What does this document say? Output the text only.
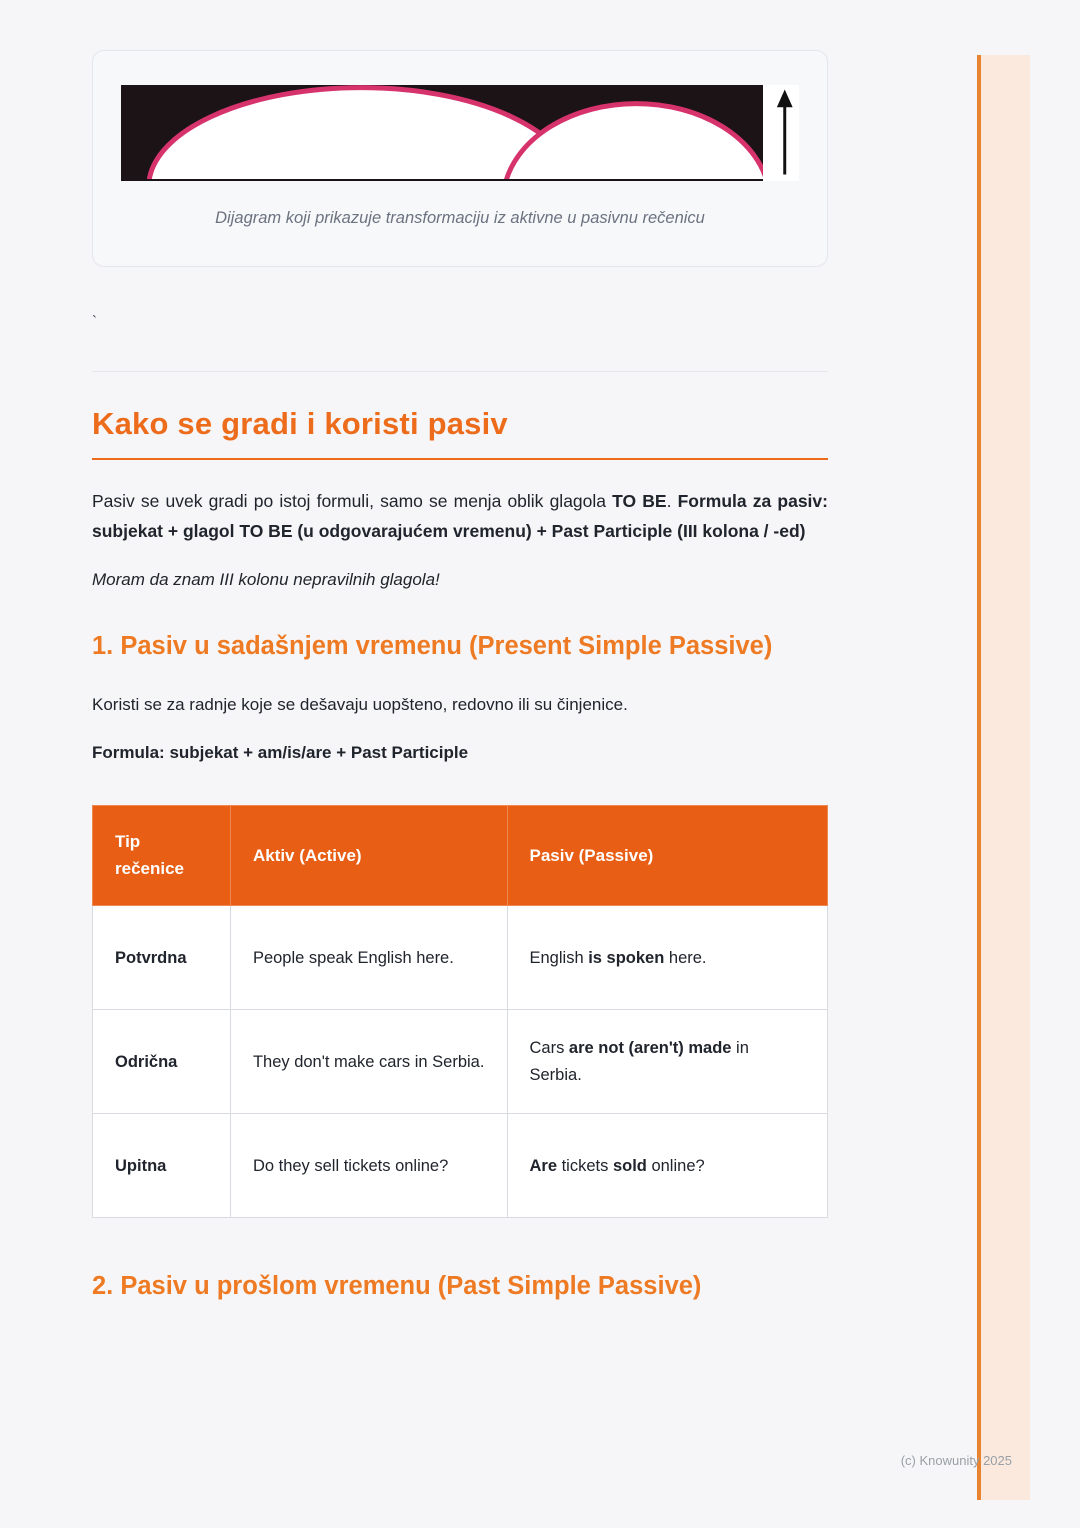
Dijagram koji prikazuje transformaciju iz aktivne u pasivnu rečenicu
`
Kako se gradi i koristi pasiv

Pasiv se uvek gradi po istoj formuli, samo se menja oblik glagola TO BE. Formula za pasiv: subjekat + glagol TO BE (u odgovarajućem vremenu) + Past Participle (III kolona / -ed)

Moram da znam III kolonu nepravilnih glagola!

1. Pasiv u sadašnjem vremenu (Present Simple Passive)

Koristi se za radnje koje se dešavaju uopšteno, redovno ili su činjenice.

Formula: subjekat + am/is/are + Past Participle

Tip rečenice	Aktiv (Active)	Pasiv (Passive)
Potvrdna	People speak English here.	English is spoken here.
Odrična	They don't make cars in Serbia.	Cars are not (aren't) made in Serbia.
Upitna	Do they sell tickets online?	Are tickets sold online?
2. Pasiv u prošlom vremenu (Past Simple Passive)
(c) Knowunity 2025
